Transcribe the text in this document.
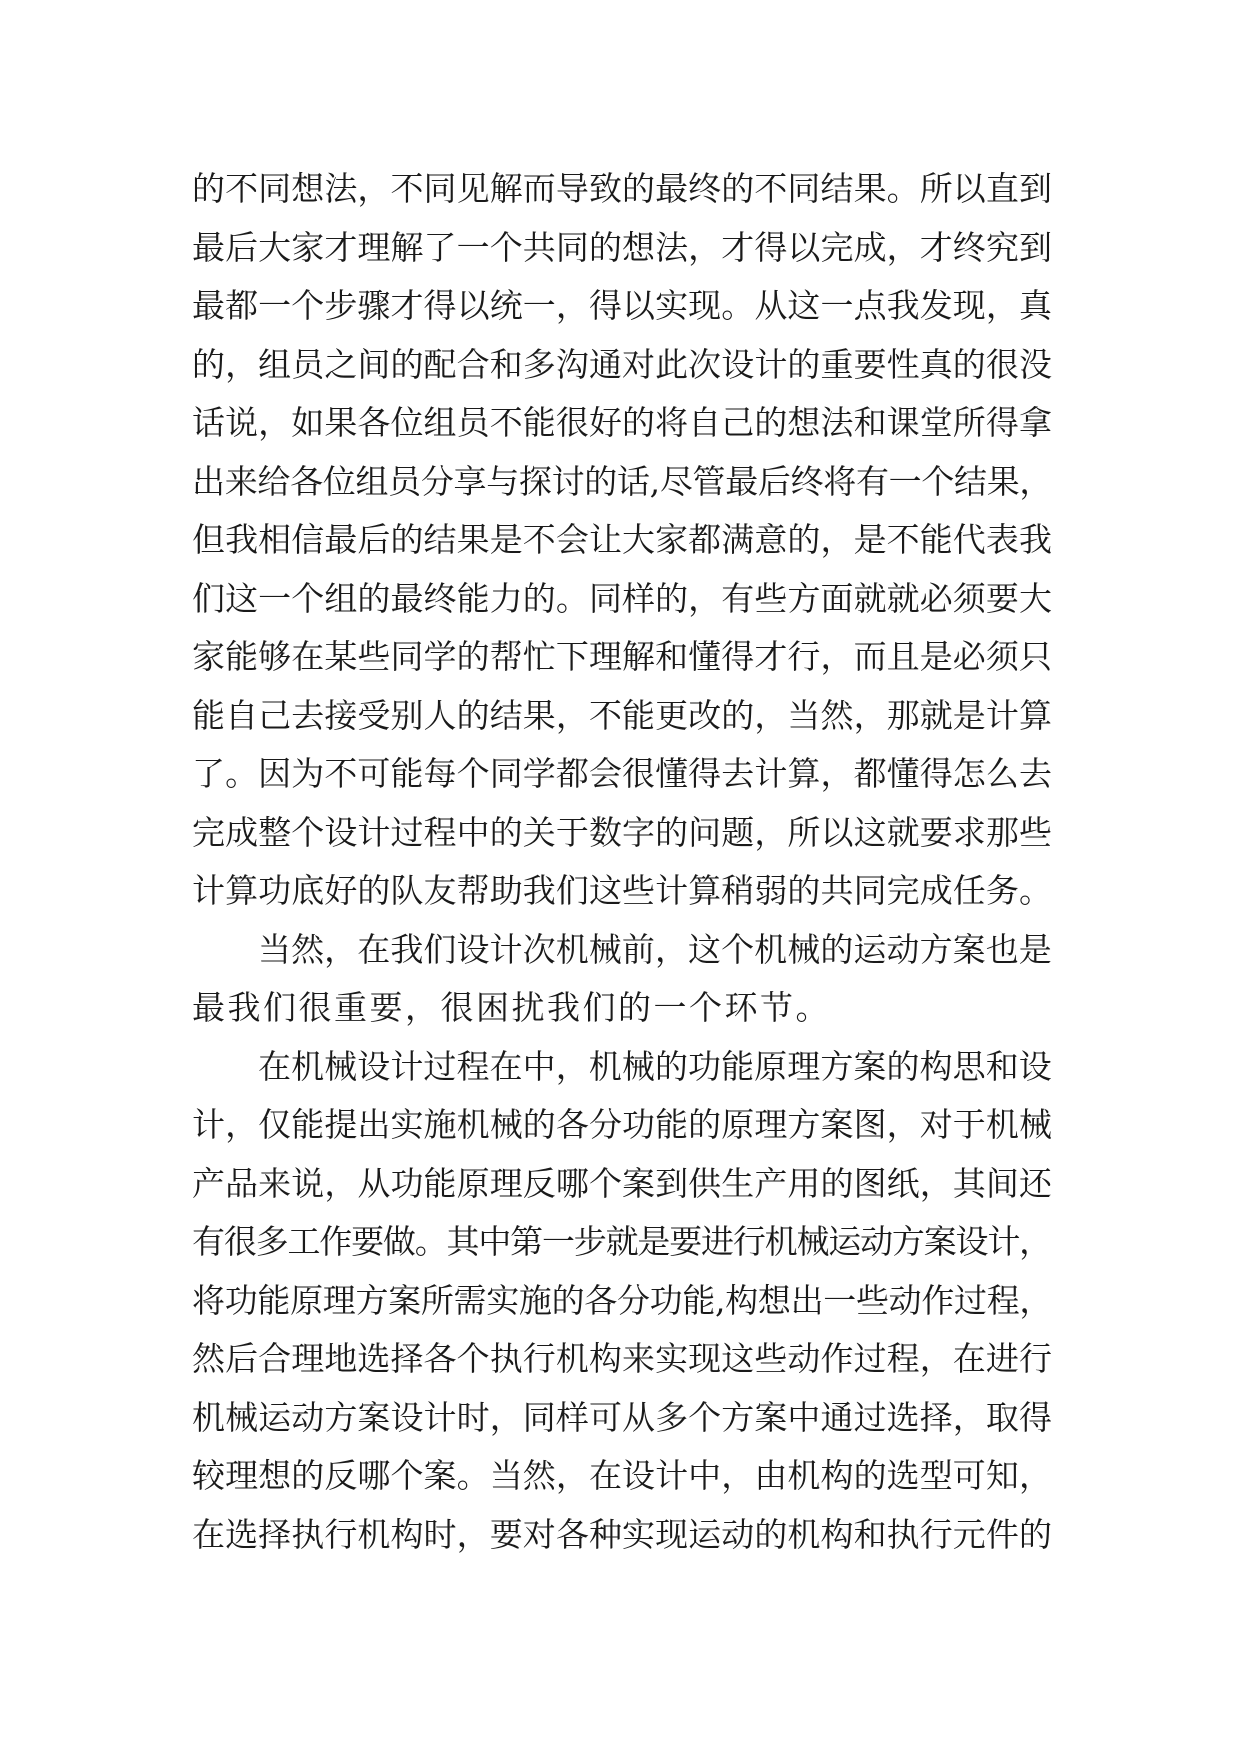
的不同想法，不同见解而导致的最终的不同结果。所以直到
最后大家才理解了一个共同的想法，才得以完成，才终究到
最都一个步骤才得以统一，得以实现。从这一点我发现，真
的，组员之间的配合和多沟通对此次设计的重要性真的很没
话说，如果各位组员不能很好的将自己的想法和课堂所得拿
出来给各位组员分享与探讨的话,尽管最后终将有一个结果，
但我相信最后的结果是不会让大家都满意的，是不能代表我
们这一个组的最终能力的。同样的，有些方面就就必须要大
家能够在某些同学的帮忙下理解和懂得才行，而且是必须只
能自己去接受别人的结果，不能更改的，当然，那就是计算
了。因为不可能每个同学都会很懂得去计算，都懂得怎么去
完成整个设计过程中的关于数字的问题，所以这就要求那些
计算功底好的队友帮助我们这些计算稍弱的共同完成任务。
当然，在我们设计次机械前，这个机械的运动方案也是
最我们很重要，很困扰我们的一个环节。
在机械设计过程在中，机械的功能原理方案的构思和设
计，仅能提出实施机械的各分功能的原理方案图，对于机械
产品来说，从功能原理反哪个案到供生产用的图纸，其间还
有很多工作要做。其中第一步就是要进行机械运动方案设计，
将功能原理方案所需实施的各分功能,构想出一些动作过程，
然后合理地选择各个执行机构来实现这些动作过程，在进行
机械运动方案设计时，同样可从多个方案中通过选择，取得
较理想的反哪个案。当然，在设计中，由机构的选型可知，
在选择执行机构时，要对各种实现运动的机构和执行元件的
